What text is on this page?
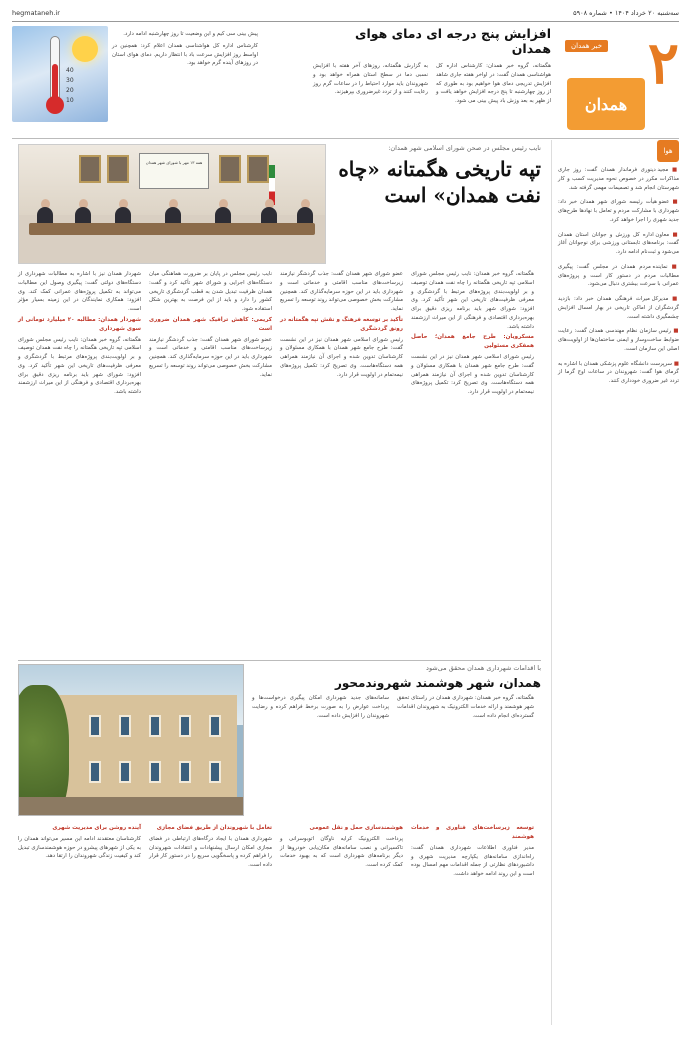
سه‌شنبه ۲۰ خرداد ۱۴۰۴ • شماره ۵۹۰۸
hegmataneh.ir
۲
خبر همدان
همدان
افزایش پنج درجه ای دمای هوای همدان
هگمتانه، گروه خبر همدان: کارشناس اداره کل هواشناسی همدان گفت: در اواخر هفته جاری شاهد افزایش تدریجی دمای هوا خواهیم بود به طوری که از روز چهارشنبه تا پنج درجه افزایش خواهد یافت و از ظهر به بعد وزش باد پیش بینی می شود.
به گزارش هگمتانه، روزهای آخر هفته با افزایش نسبی دما در سطح استان همراه خواهد بود و شهروندان باید موارد احتیاط را در ساعات گرم روز رعایت کنند و از تردد غیرضروری بپرهیزند.
پیش بینی سی کیم و این وضعیت تا روز چهارشنبه ادامه دارد.
کارشناس اداره کل هواشناسی همدان اعلام کرد: همچنین در اواسط روز افزایش سرعت باد با انتظار داریم. دمای هوای استان در روزهای آینده گرم خواهد بود.
40
30
20
10
هوا
■ مجید دینوری فرماندار همدان گفت: روز جاری مذاکرات مکرر در خصوص نحوه مدیریت کسب و کار شهرستان انجام شد و تصمیمات مهمی گرفته شد.
■ عضو هیأت رئیسه شورای شهر همدان خبر داد: شهرداری با مشارکت مردم و تعامل با نهادها طرح‌های جدید شهری را اجرا خواهد کرد.
■ معاون اداره کل ورزش و جوانان استان همدان گفت: برنامه‌های تابستانی ورزشی برای نوجوانان آغاز می‌شود و ثبت‌نام ادامه دارد.
■ نماینده مردم همدان در مجلس گفت: پیگیری مطالبات مردم در دستور کار است و پروژه‌های عمرانی با سرعت بیشتری دنبال می‌شود.
■ مدیرکل میراث فرهنگی همدان خبر داد: بازدید گردشگران از اماکن تاریخی در بهار امسال افزایش چشمگیری داشته است.
■ رئیس سازمان نظام مهندسی همدان گفت: رعایت ضوابط ساخت‌وساز و ایمنی ساختمان‌ها از اولویت‌های اصلی این سازمان است.
■ سرپرست دانشگاه علوم پزشکی همدان با اشاره به گرمای هوا گفت: شهروندان در ساعات اوج گرما از تردد غیر ضروری خودداری کنند.
نایب رئیس مجلس در صحن شورای اسلامی شهر همدان:
تپه تاریخی هگمتانه «چاه نفت همدان» است
همه ۱۳ مهر با شورای شهر همدان
هگمتانه، گروه خبر همدان: نایب رئیس مجلس شورای اسلامی تپه تاریخی هگمتانه را چاه نفت همدان توصیف و بر اولویت‌بندی پروژه‌های مرتبط با گردشگری و معرفی ظرفیت‌های تاریخی این شهر تأکید کرد. وی افزود: شورای شهر باید برنامه ریزی دقیق برای بهره‌برداری اقتصادی و فرهنگی از این میراث ارزشمند داشته باشد.
مسکرویان: طرح جامع همدان؛ حاصل همفکری مسئولین
رئیس شورای اسلامی شهر همدان نیز در این نشست گفت: طرح جامع شهر همدان با همکاری مسئولان و کارشناسان تدوین شده و اجرای آن نیازمند همراهی همه دستگاه‌هاست. وی تصریح کرد: تکمیل پروژه‌های نیمه‌تمام در اولویت قرار دارد.
عضو شورای شهر همدان گفت: جذب گردشگر نیازمند زیرساخت‌های مناسب اقامتی و خدماتی است و شهرداری باید در این حوزه سرمایه‌گذاری کند. همچنین مشارکت بخش خصوصی می‌تواند روند توسعه را تسریع نماید.
تأکید بر توسعه فرهنگ و نقش تپه هگمتانه در رونق گردشگری
رئیس شورای اسلامی شهر همدان نیز در این نشست گفت: طرح جامع شهر همدان با همکاری مسئولان و کارشناسان تدوین شده و اجرای آن نیازمند همراهی همه دستگاه‌هاست. وی تصریح کرد: تکمیل پروژه‌های نیمه‌تمام در اولویت قرار دارد.
نایب رئیس مجلس در پایان بر ضرورت هماهنگی میان دستگاه‌های اجرایی و شورای شهر تأکید کرد و گفت: همدان ظرفیت تبدیل شدن به قطب گردشگری تاریخی کشور را دارد و باید از این فرصت به بهترین شکل استفاده شود.
کریمی: کاهش ترافیک شهر همدان ضروری است
عضو شورای شهر همدان گفت: جذب گردشگر نیازمند زیرساخت‌های مناسب اقامتی و خدماتی است و شهرداری باید در این حوزه سرمایه‌گذاری کند. همچنین مشارکت بخش خصوصی می‌تواند روند توسعه را تسریع نماید.
شهردار همدان نیز با اشاره به مطالبات شهرداری از دستگاه‌های دولتی گفت: پیگیری وصول این مطالبات می‌تواند به تکمیل پروژه‌های عمرانی کمک کند. وی افزود: همکاری نمایندگان در این زمینه بسیار مؤثر است.
شهردار همدان: مطالبه ۲۰ میلیارد تومانی از سوی شهرداری
هگمتانه، گروه خبر همدان: نایب رئیس مجلس شورای اسلامی تپه تاریخی هگمتانه را چاه نفت همدان توصیف و بر اولویت‌بندی پروژه‌های مرتبط با گردشگری و معرفی ظرفیت‌های تاریخی این شهر تأکید کرد. وی افزود: شورای شهر باید برنامه ریزی دقیق برای بهره‌برداری اقتصادی و فرهنگی از این میراث ارزشمند داشته باشد.
با اقدامات شهرداری همدان محقق می‌شود
همدان، شهر هوشمند شهروندمحور
هگمتانه، گروه خبر همدان: شهرداری همدان در راستای تحقق شهر هوشمند و ارائه خدمات الکترونیک به شهروندان اقدامات گسترده‌ای انجام داده است.
سامانه‌های جدید شهرداری امکان پیگیری درخواست‌ها و پرداخت عوارض را به صورت برخط فراهم کرده و رضایت شهروندان را افزایش داده است.
توسعه زیرساخت‌های فناوری و خدمات هوشمند
مدیر فناوری اطلاعات شهرداری همدان گفت: راه‌اندازی سامانه‌های یکپارچه مدیریت شهری و داشبوردهای نظارتی از جمله اقدامات مهم امسال بوده است و این روند ادامه خواهد داشت.
هوشمندسازی حمل و نقل عمومی
پرداخت الکترونیک کرایه ناوگان اتوبوسرانی و تاکسیرانی و نصب سامانه‌های مکان‌یابی خودروها از دیگر برنامه‌های شهرداری است که به بهبود خدمات کمک کرده است.
تعامل با شهروندان از طریق فضای مجازی
شهرداری همدان با ایجاد درگاه‌های ارتباطی در فضای مجازی امکان ارسال پیشنهادات و انتقادات شهروندان را فراهم کرده و پاسخگویی سریع را در دستور کار قرار داده است.
آینده روشن برای مدیریت شهری
کارشناسان معتقدند ادامه این مسیر می‌تواند همدان را به یکی از شهرهای پیشرو در حوزه هوشمندسازی تبدیل کند و کیفیت زندگی شهروندان را ارتقا دهد.
